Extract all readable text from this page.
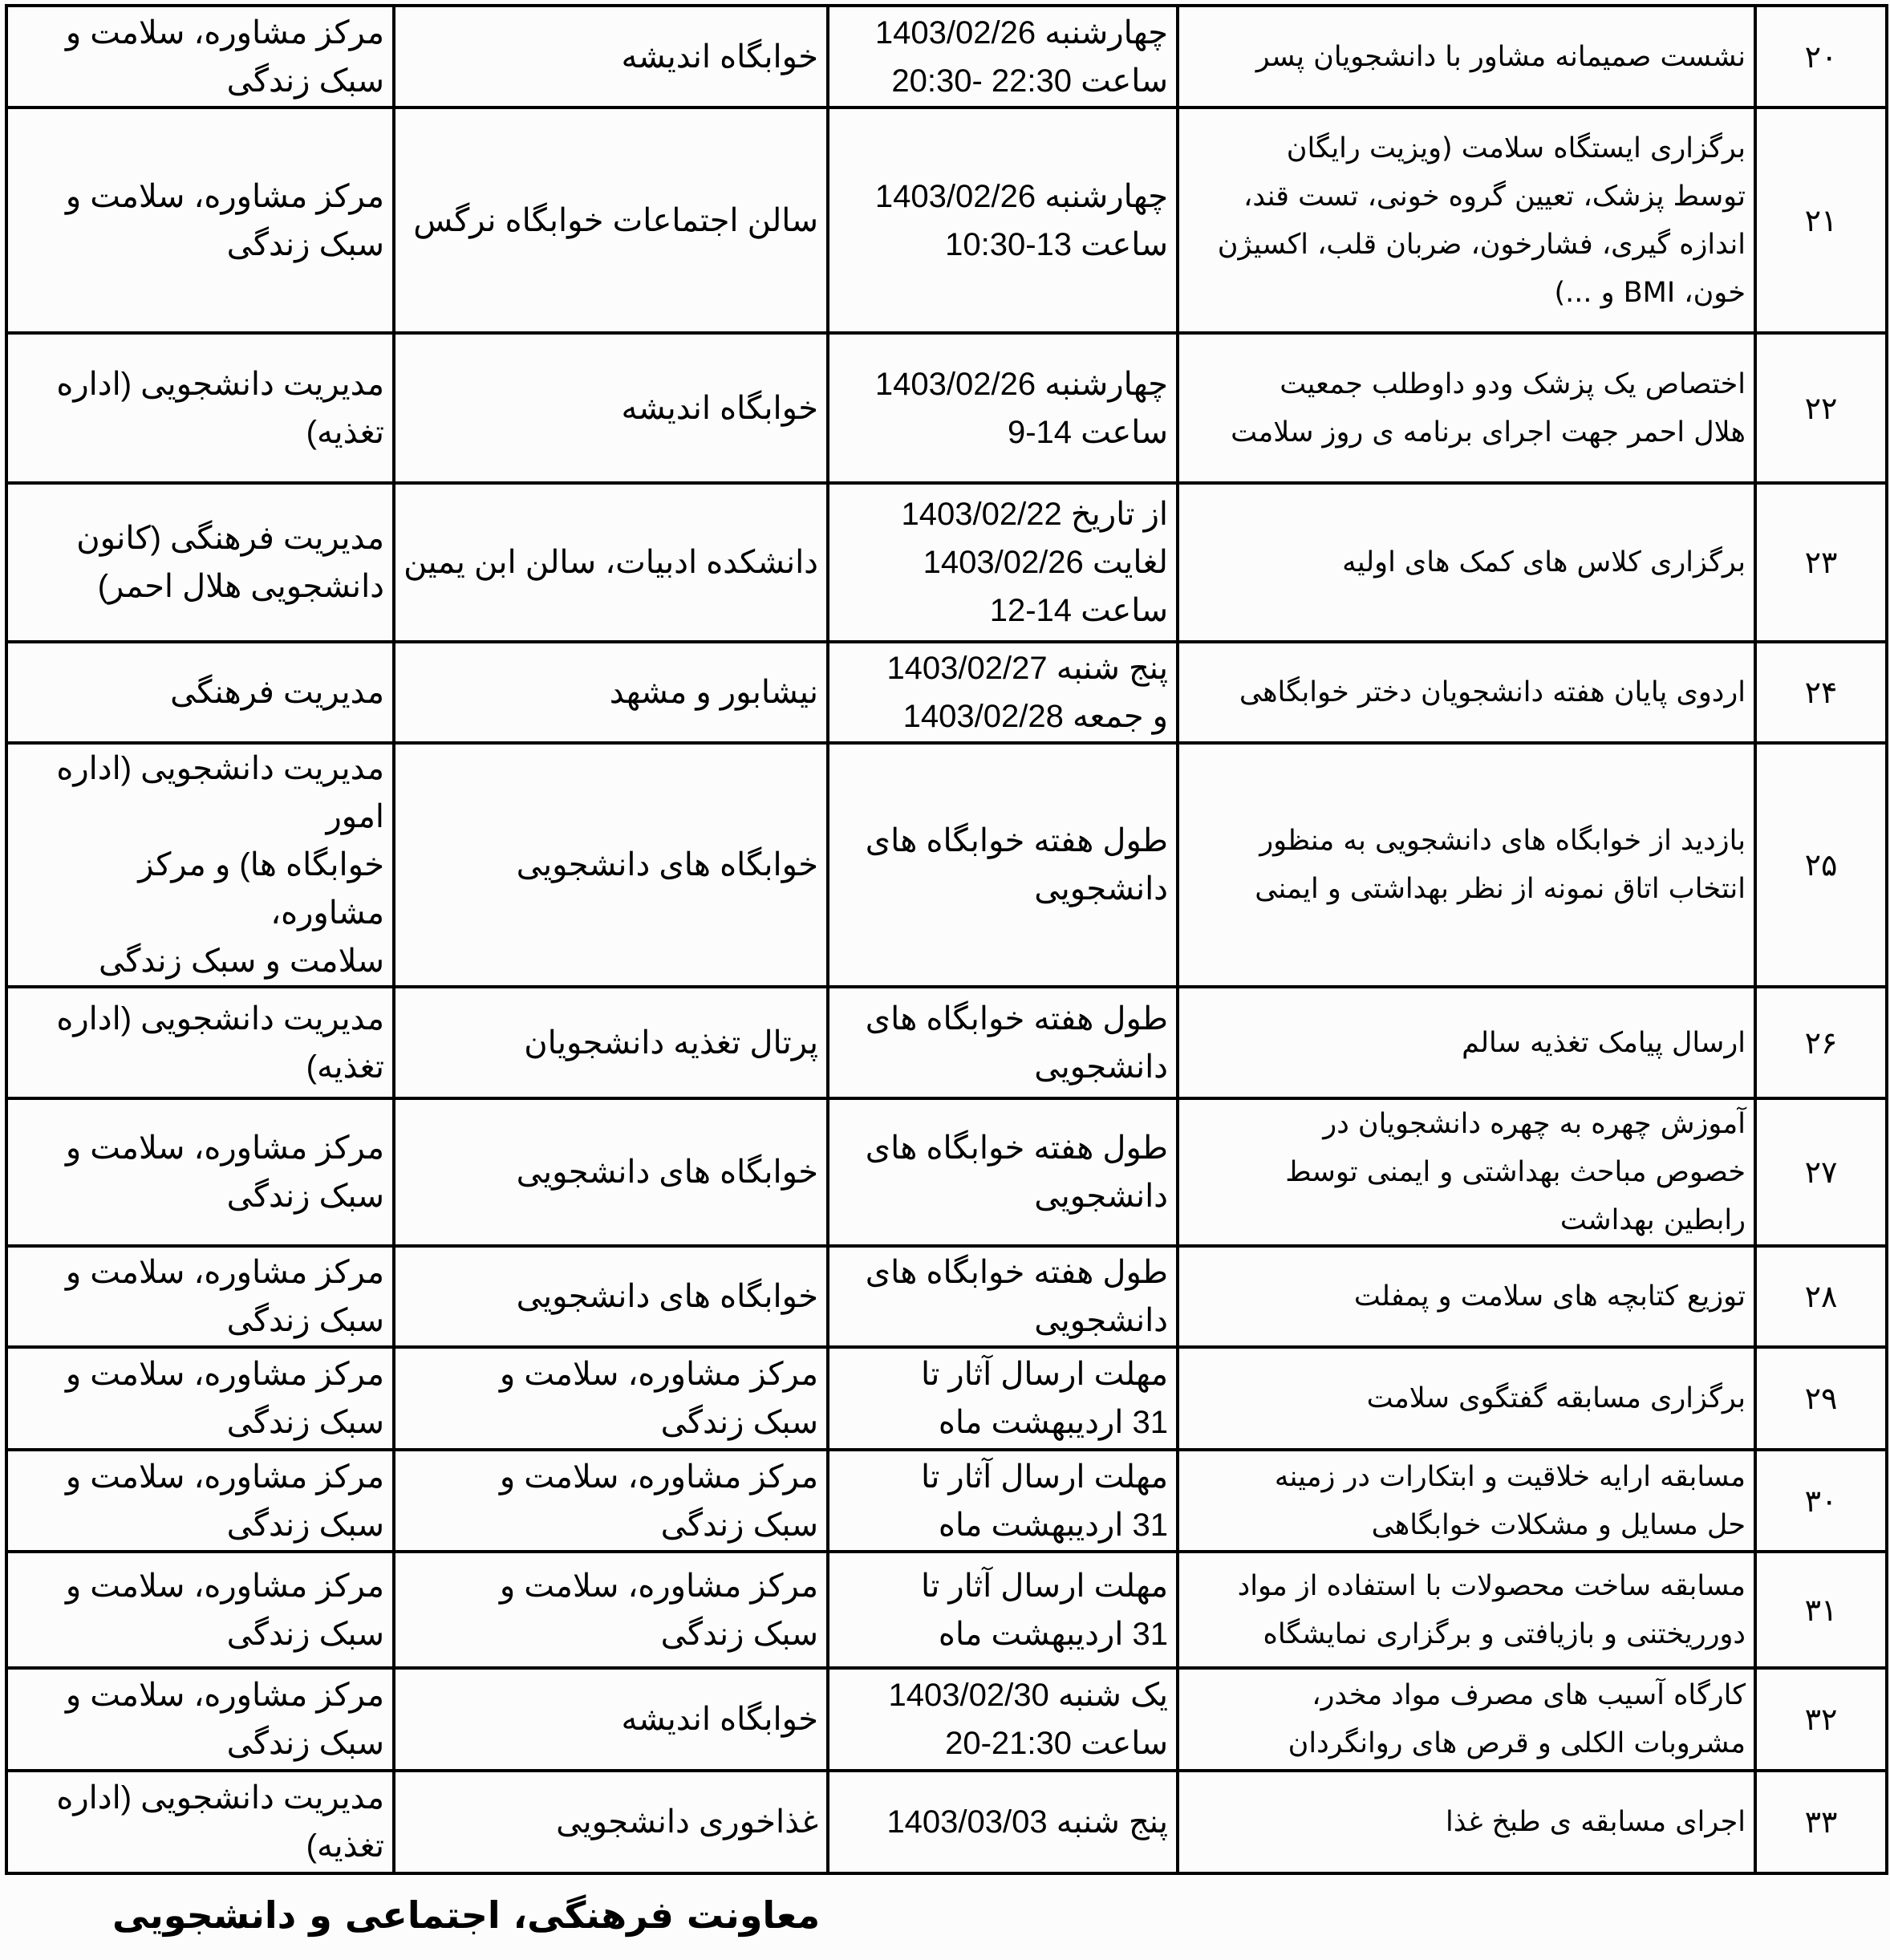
۲۰	نشست صمیمانه مشاور با دانشجویان پسر	چهارشنبه 1403/02/26
ساعت 22:30 -20:30	خوابگاه اندیشه	مرکز مشاوره، سلامت و
سبک زندگی
۲۱	برگزاری ایستگاه سلامت (ویزیت رایگان
توسط پزشک، تعیین گروه خونی، تست قند،
اندازه گیری، فشارخون، ضربان قلب، اکسیژن
خون، BMI و ...)	چهارشنبه 1403/02/26
ساعت 13-10:30	سالن اجتماعات خوابگاه نرگس	مرکز مشاوره، سلامت و
سبک زندگی
۲۲	اختصاص یک پزشک ودو داوطلب جمعیت
هلال احمر جهت اجرای برنامه ی روز سلامت	چهارشنبه 1403/02/26
ساعت 14-9	خوابگاه اندیشه	مدیریت دانشجویی (اداره
تغذیه)
۲۳	برگزاری کلاس های کمک های اولیه	از تاریخ 1403/02/22
لغایت 1403/02/26
ساعت 14-12	دانشکده ادبیات، سالن ابن یمین	مدیریت فرهنگی (کانون
دانشجویی هلال احمر)
۲۴	اردوی پایان هفته دانشجویان دختر خوابگاهی	پنج شنبه 1403/02/27
و جمعه 1403/02/28	نیشابور و مشهد	مدیریت فرهنگی
۲۵	بازدید از خوابگاه های دانشجویی به منظور
انتخاب اتاق نمونه از نظر بهداشتی و ایمنی	طول هفته خوابگاه های
دانشجویی	خوابگاه های دانشجویی	مدیریت دانشجویی (اداره امور
خوابگاه ها) و مرکز مشاوره،
سلامت و سبک زندگی
۲۶	ارسال پیامک تغذیه سالم	طول هفته خوابگاه های
دانشجویی	پرتال تغذیه دانشجویان	مدیریت دانشجویی (اداره
تغذیه)
۲۷	آموزش چهره به چهره دانشجویان در
خصوص مباحث بهداشتی و ایمنی توسط
رابطین بهداشت	طول هفته خوابگاه های
دانشجویی	خوابگاه های دانشجویی	مرکز مشاوره، سلامت و
سبک زندگی
۲۸	توزیع کتابچه های سلامت و پمفلت	طول هفته خوابگاه های
دانشجویی	خوابگاه های دانشجویی	مرکز مشاوره، سلامت و
سبک زندگی
۲۹	برگزاری مسابقه گفتگوی سلامت	مهلت ارسال آثار تا
31 اردیبهشت ماه	مرکز مشاوره، سلامت و
سبک زندگی	مرکز مشاوره، سلامت و
سبک زندگی
۳۰	مسابقه ارایه خلاقیت و ابتکارات در زمینه
حل مسایل و مشکلات خوابگاهی	مهلت ارسال آثار تا
31 اردیبهشت ماه	مرکز مشاوره، سلامت و
سبک زندگی	مرکز مشاوره، سلامت و
سبک زندگی
۳۱	مسابقه ساخت محصولات با استفاده از مواد
دورریختنی و بازیافتی و برگزاری نمایشگاه	مهلت ارسال آثار تا
31 اردیبهشت ماه	مرکز مشاوره، سلامت و
سبک زندگی	مرکز مشاوره، سلامت و
سبک زندگی
۳۲	کارگاه آسیب های مصرف مواد مخدر،
مشروبات الکلی و قرص های روانگردان	یک شنبه 1403/02/30
ساعت 21:30-20	خوابگاه اندیشه	مرکز مشاوره، سلامت و
سبک زندگی
۳۳	اجرای مسابقه ی طبخ غذا	پنج شنبه 1403/03/03	غذاخوری دانشجویی	مدیریت دانشجویی (اداره
تغذیه)
معاونت فرهنگی، اجتماعی و دانشجویی
